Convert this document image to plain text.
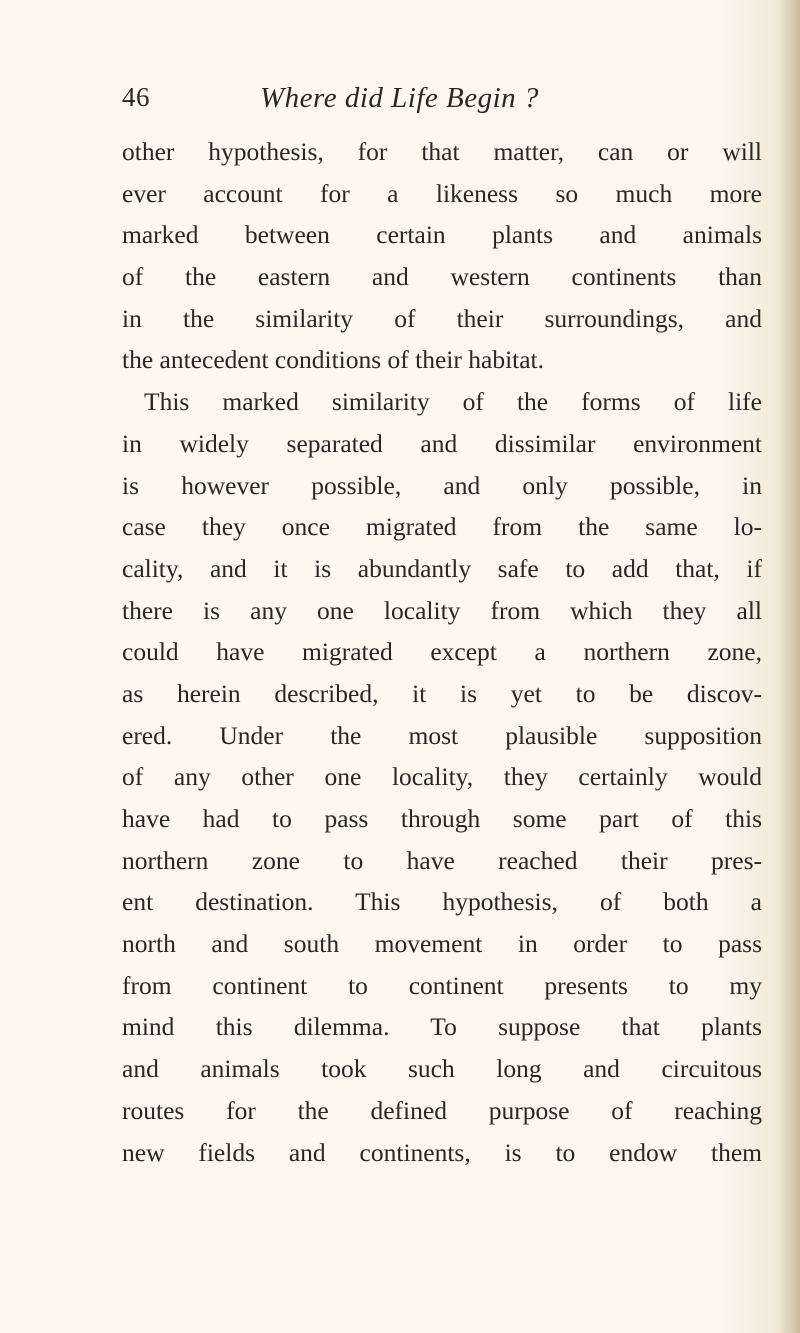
46	Where did Life Begin ?
other hypothesis, for that matter, can or will
ever account for a likeness so much more
marked between certain plants and animals
of the eastern and western continents than
in the similarity of their surroundings, and
the antecedent conditions of their habitat.
This marked similarity of the forms of life
in widely separated and dissimilar environment
is however possible, and only possible, in
case they once migrated from the same lo-
cality, and it is abundantly safe to add that, if
there is any one locality from which they all
could have migrated except a northern zone,
as herein described, it is yet to be discov-
ered. Under the most plausible supposition
of any other one locality, they certainly would
have had to pass through some part of this
northern zone to have reached their pres-
ent destination. This hypothesis, of both a
north and south movement in order to pass
from continent to continent presents to my
mind this dilemma. To suppose that plants
and animals took such long and circuitous
routes for the defined purpose of reaching
new fields and continents, is to endow them
